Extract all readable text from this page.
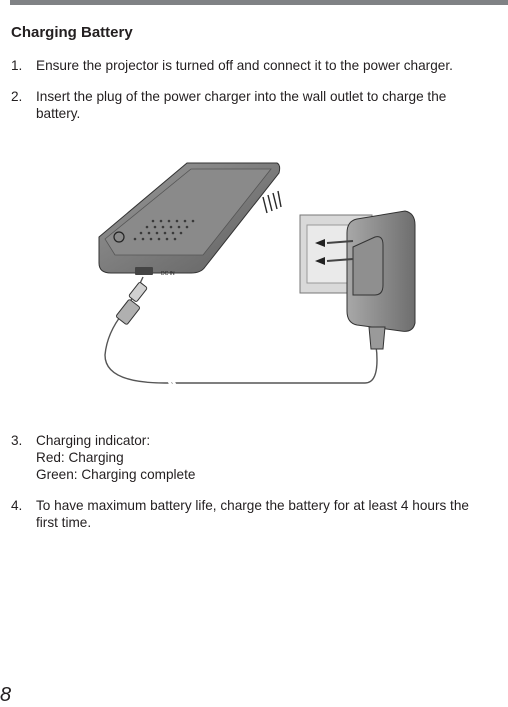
Charging Battery
1. Ensure the projector is turned off and connect it to the power charger.
2. Insert the plug of the power charger into the wall outlet to charge the
battery.
DC IN
3. Charging indicator:
Red: Charging
Green: Charging complete
4. To have maximum battery life, charge the battery for at least 4 hours the
first time.
8
